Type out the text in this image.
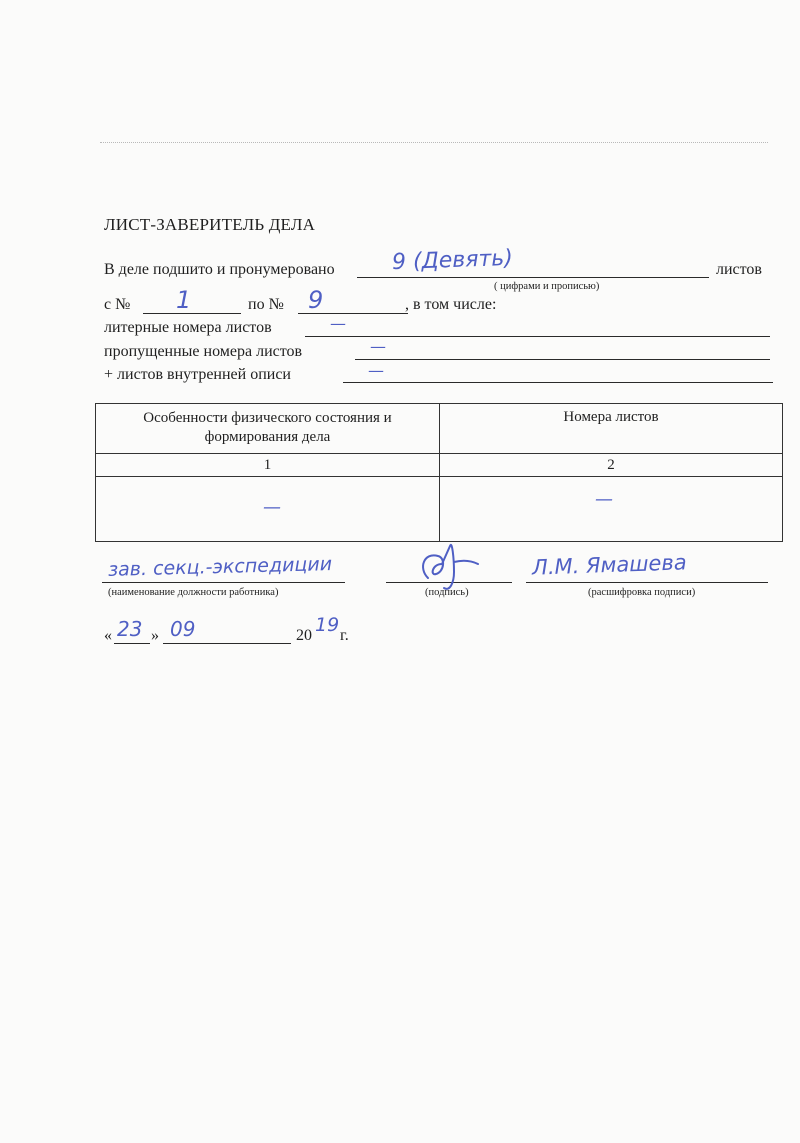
ЛИСТ-ЗАВЕРИТЕЛЬ ДЕЛА
В деле подшито и пронумеровано	9 (Девять)	листов
( цифрами и прописью)
с № 1	по № 9	, в том числе:
литерные номера листов	—
пропущенные номера листов	—
+ листов внутренней описи	—
Особенности физического состояния и формирования дела	Номера листов
1	2

—	—
зав. секц.-экспедиции
(наименование должности работника)	(подпись)
Л.М. Ямашева
(расшифровка подписи)
« 23 » 09	20 19 г.
